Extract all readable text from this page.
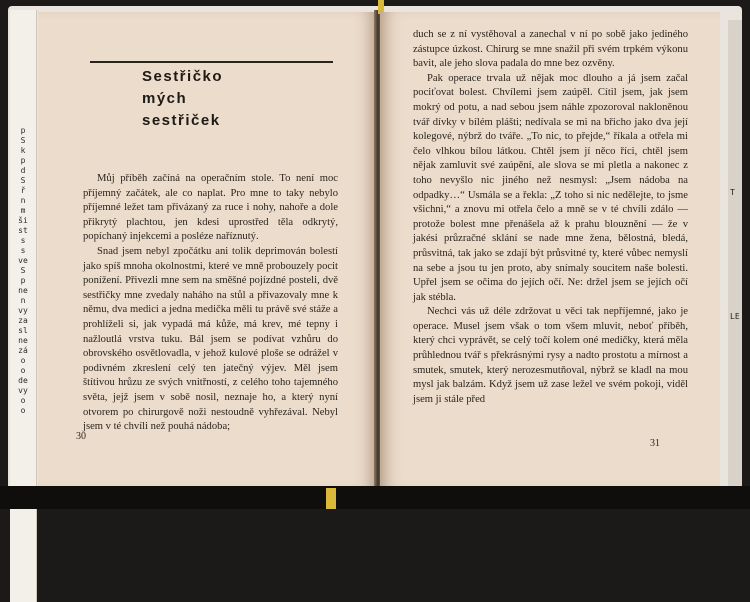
p
S
k
p
d
S
ř
n
m
ši
st
s
s
ve
S
p
ne
n
vy
za
sl
ne
zá
o
o
de
vy
o
o
T
LE
Sestřičko
mých
sestřiček

Můj příběh začíná na operačním stole. To není moc příjemný začátek, ale co naplat. Pro mne to taky nebylo příjemné ležet tam přivázaný za ruce i nohy, nahoře a dole přikrytý plachtou, jen kdesi uprostřed těla odkrytý, popíchaný injekcemi a posléze naříznutý.

Snad jsem nebyl zpočátku ani tolik deprimován bolestí jako spíš mnoha okolnostmi, které ve mně probouzely pocit ponížení. Přivezli mne sem na směšné pojízdné posteli, dvě sestřičky mne zvedaly naháho na stůl a přivazovaly mne k němu, dva medici a jedna medička měli tu právě své stáže a prohlíželi si, jak vypadá má kůže, má krev, mé tepny i nažloutlá vrstva tuku. Bál jsem se podívat vzhůru do obrovského osvětlovadla, v jehož kulové ploše se odrážel v podivném zkreslení celý ten jatečný výjev. Měl jsem štítivou hrůzu ze svých vnitřností, z celého toho tajemného světa, jejž jsem v sobě nosil, neznaje ho, a který nyní otvorem po chirurgově noži nestoudně vyhřezával. Nebyl jsem v té chvíli než pouhá nádoba;

30

duch se z ní vystěhoval a zanechal v ní po sobě jako jediného zástupce úzkost. Chirurg se mne snažil při svém trpkém výkonu bavit, ale jeho slova padala do mne bez ozvěny.

Pak operace trvala už nějak moc dlouho a já jsem začal pociťovat bolest. Chvílemi jsem zaúpěl. Cítil jsem, jak jsem mokrý od potu, a nad sebou jsem náhle zpozoroval nakloněnou tvář dívky v bílém plášti; nedívala se mi na břicho jako dva její kolegové, nýbrž do tváře. „To nic, to přejde,“ říkala a otřela mi čelo vlhkou bílou látkou. Chtěl jsem jí něco říci, chtěl jsem nějak zamluvit své zaúpění, ale slova se mi pletla a nakonec z toho nevyšlo nic jiného než nesmysl: „Jsem nádoba na odpadky…“ Usmála se a řekla: „Z toho si nic nedělejte, to jsme všichni,“ a znovu mi otřela čelo a mně se v té chvíli zdálo — protože bolest mne přenášela až k prahu blouznění — že v jakési průzračné sklání se nade mne žena, bělostná, bledá, průsvitná, tak jako se zdají být průsvitné ty, které vůbec nemyslí na sebe a jsou tu jen proto, aby snímaly soucitem naše bolesti. Upřel jsem se očima do jejích očí. Ne: držel jsem se jejích očí jak stébla.

Nechci vás už déle zdržovat u věci tak nepříjemné, jako je operace. Musel jsem však o tom všem mluvit, neboť příběh, který chci vyprávět, se celý točí kolem oné medičky, která měla průhlednou tvář s překrásnými rysy a nadto prostotu a mírnost a smutek, smutek, který nerozesmutňoval, nýbrž se kladl na mou mysl jak balzám. Když jsem už zase ležel ve svém pokoji, viděl jsem ji stále před

31
